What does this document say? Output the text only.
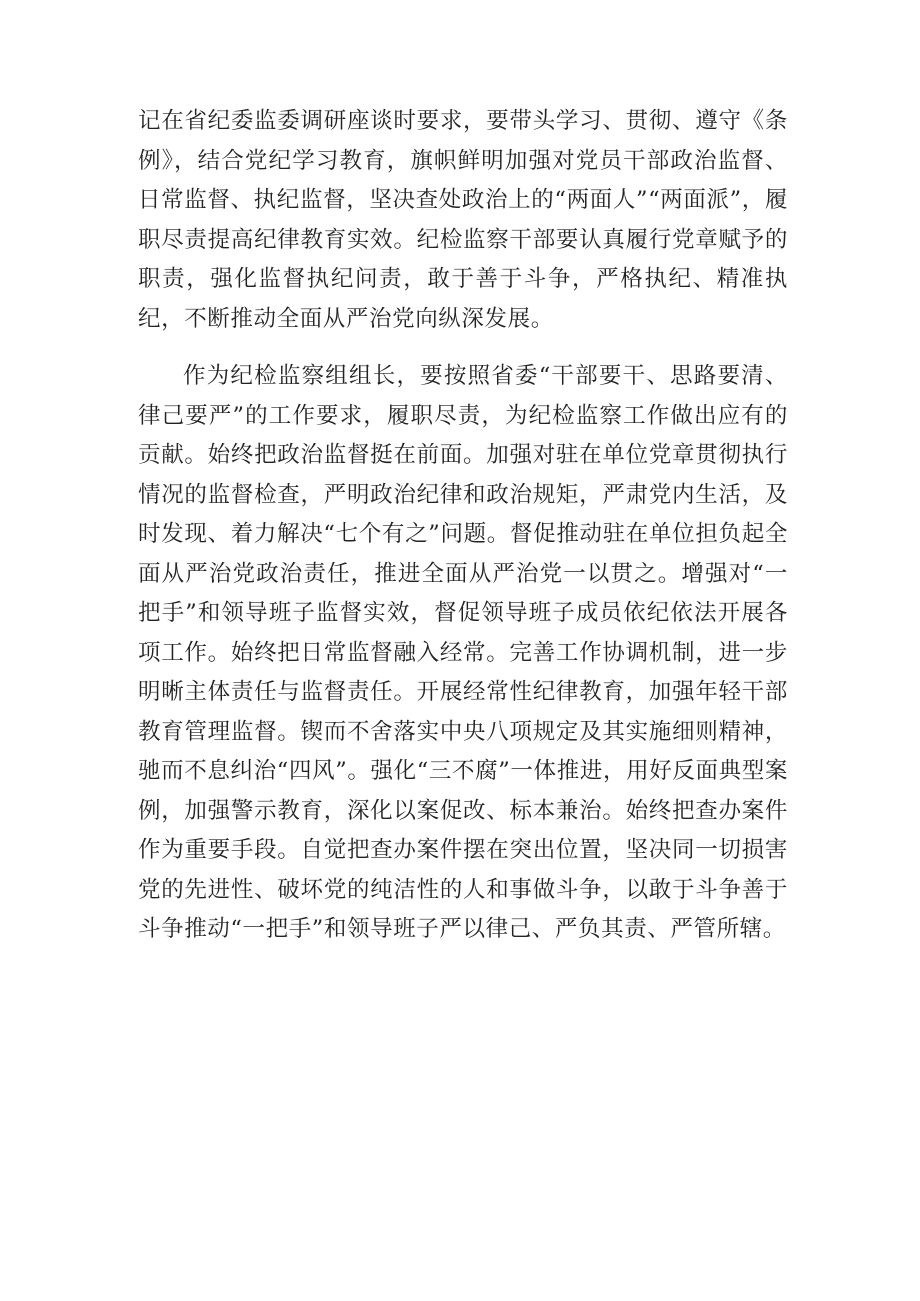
记在省纪委监委调研座谈时要求，要带头学习、贯彻、遵守《条例》，结合党纪学习教育，旗帜鲜明加强对党员干部政治监督、日常监督、执纪监督，坚决查处政治上的“两面人”“两面派”，履职尽责提高纪律教育实效。纪检监察干部要认真履行党章赋予的职责，强化监督执纪问责，敢于善于斗争，严格执纪、精准执纪，不断推动全面从严治党向纵深发展。

作为纪检监察组组长，要按照省委“干部要干、思路要清、律己要严”的工作要求，履职尽责，为纪检监察工作做出应有的贡献。始终把政治监督挺在前面。加强对驻在单位党章贯彻执行情况的监督检查，严明政治纪律和政治规矩，严肃党内生活，及时发现、着力解决“七个有之”问题。督促推动驻在单位担负起全面从严治党政治责任，推进全面从严治党一以贯之。增强对“一把手”和领导班子监督实效，督促领导班子成员依纪依法开展各项工作。始终把日常监督融入经常。完善工作协调机制，进一步明晰主体责任与监督责任。开展经常性纪律教育，加强年轻干部教育管理监督。锲而不舍落实中央八项规定及其实施细则精神，驰而不息纠治“四风”。强化“三不腐”一体推进，用好反面典型案例，加强警示教育，深化以案促改、标本兼治。始终把查办案件作为重要手段。自觉把查办案件摆在突出位置，坚决同一切损害党的先进性、破坏党的纯洁性的人和事做斗争，以敢于斗争善于斗争推动“一把手”和领导班子严以律己、严负其责、严管所辖。
